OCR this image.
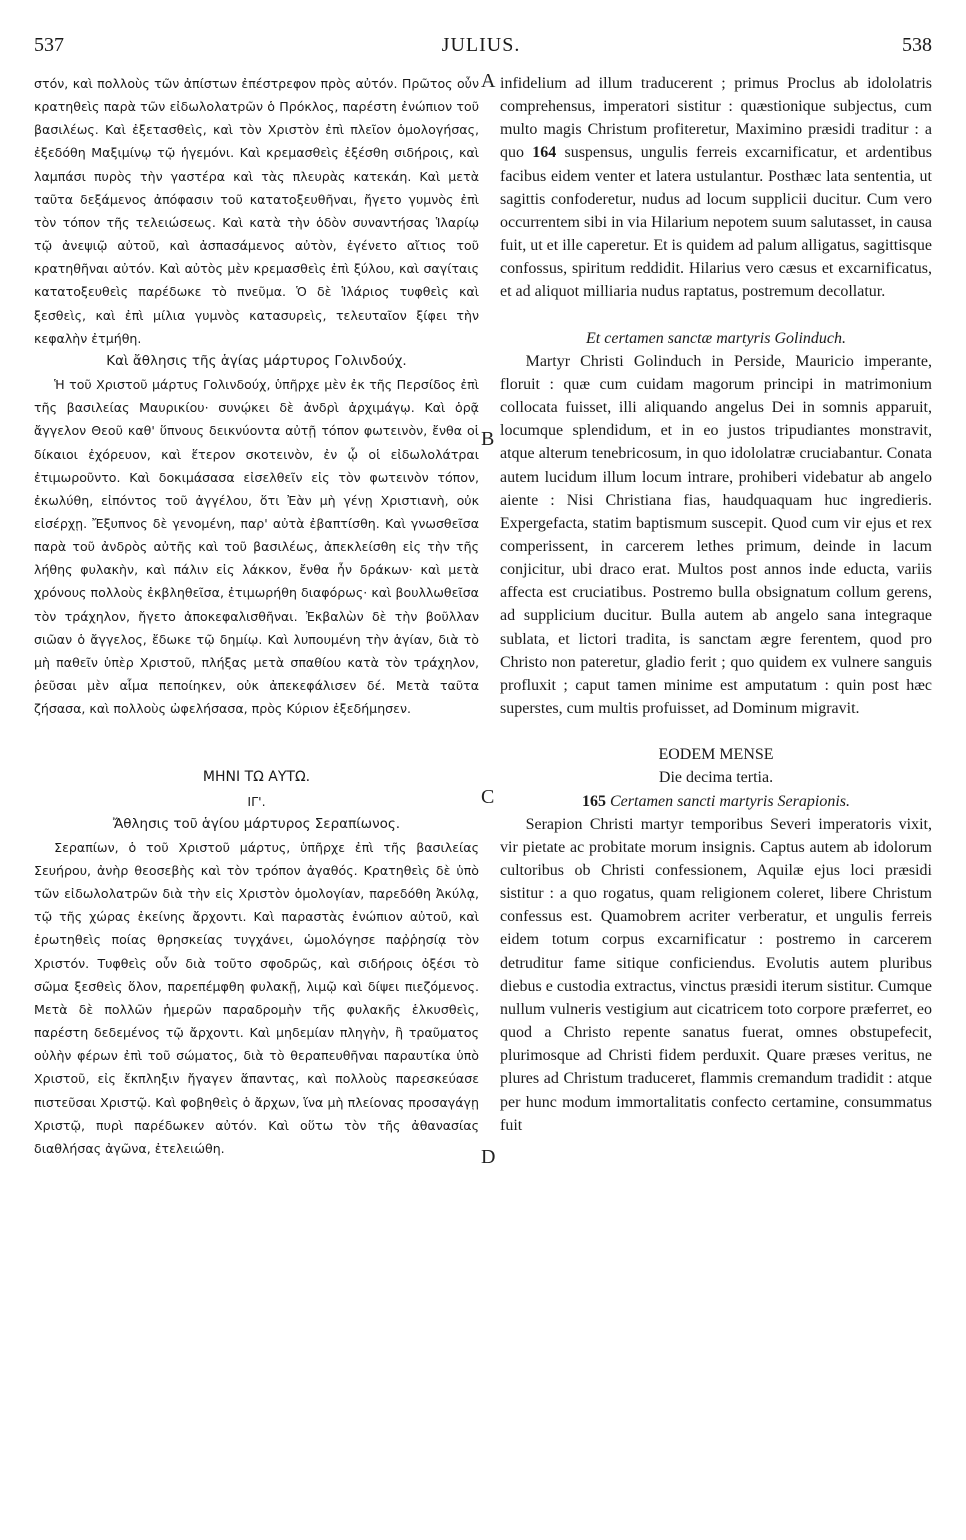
537	JULIUS.	538
A
B
C
D

στόν, καὶ πολλοὺς τῶν ἀπίστων ἐπέστρεφον πρὸς αὐτόν. Πρῶτος οὖν κρατηθεὶς παρὰ τῶν εἰδωλολατρῶν ὁ Πρόκλος, παρέστη ἐνώπιον τοῦ βασιλέως. Καὶ ἐξετασθεὶς, καὶ τὸν Χριστὸν ἐπὶ πλεῖον ὁμολογήσας, ἐξεδόθη Μαξιμίνῳ τῷ ἡγεμόνι. Καὶ κρεμασθεὶς ἐξέσθη σιδήροις, καὶ λαμπάσι πυρὸς τὴν γαστέρα καὶ τὰς πλευρὰς κατεκάη. Καὶ μετὰ ταῦτα δεξάμενος ἀπόφασιν τοῦ κατατοξευθῆναι, ἤγετο γυμνὸς ἐπὶ τὸν τόπον τῆς τελειώσεως. Καὶ κατὰ τὴν ὁδὸν συναντήσας Ἱλαρίῳ τῷ ἀνεψιῷ αὐτοῦ, καὶ ἀσπασάμενος αὐτὸν, ἐγένετο αἴτιος τοῦ κρατηθῆναι αὐτόν. Καὶ αὐτὸς μὲν κρεμασθεὶς ἐπὶ ξύλου, καὶ σαγίταις κατατοξευθεὶς παρέδωκε τὸ πνεῦμα. Ὁ δὲ Ἱλάριος τυφθεὶς καὶ ξεσθεὶς, καὶ ἐπὶ μίλια γυμνὸς κατασυρεὶς, τελευταῖον ξίφει τὴν κεφαλὴν ἐτμήθη.

Καὶ ἄθλησις τῆς ἁγίας μάρτυρος Γολινδούχ.

Ἡ τοῦ Χριστοῦ μάρτυς Γολινδούχ, ὑπῆρχε μὲν ἐκ τῆς Περσίδος ἐπὶ τῆς βασιλείας Μαυρικίου· συνῴκει δὲ ἀνδρὶ ἀρχιμάγῳ. Καὶ ὁρᾷ ἄγγελον Θεοῦ καθ' ὕπνους δεικνύοντα αὐτῇ τόπον φωτεινὸν, ἔνθα οἱ δίκαιοι ἐχόρευον, καὶ ἕτερον σκοτεινὸν, ἐν ᾧ οἱ εἰδωλολάτραι ἐτιμωροῦντο. Καὶ δοκιμάσασα εἰσελθεῖν εἰς τὸν φωτεινὸν τόπον, ἐκωλύθη, εἰπόντος τοῦ ἀγγέλου, ὅτι Ἐὰν μὴ γένῃ Χριστιανὴ, οὐκ εἰσέρχῃ. Ἔξυπνος δὲ γενομένη, παρ' αὐτὰ ἐβαπτίσθη. Καὶ γνωσθεῖσα παρὰ τοῦ ἀνδρὸς αὐτῆς καὶ τοῦ βασιλέως, ἀπεκλείσθη εἰς τὴν τῆς λήθης φυλακὴν, καὶ πάλιν εἰς λάκκον, ἔνθα ἦν δράκων· καὶ μετὰ χρόνους πολλοὺς ἐκβληθεῖσα, ἐτιμωρήθη διαφόρως· καὶ βουλλωθεῖσα τὸν τράχηλον, ἤγετο ἀποκεφαλισθῆναι. Ἐκβαλὼν δὲ τὴν βοῦλλαν σιῶαν ὁ ἄγγελος, ἔδωκε τῷ δημίῳ. Καὶ λυπουμένη τὴν ἁγίαν, διὰ τὸ μὴ παθεῖν ὑπὲρ Χριστοῦ, πλήξας μετὰ σπαθίου κατὰ τὸν τράχηλον, ῥεῦσαι μὲν αἷμα πεποίηκεν, οὐκ ἀπεκεφάλισεν δέ. Μετὰ ταῦτα ζήσασα, καὶ πολλοὺς ὠφελήσασα, πρὸς Κύριον ἐξεδήμησεν.

ΜΗΝΙ ΤΩ ΑΥΤΩ.

ΙΓ'.

Ἄθλησις τοῦ ἁγίου μάρτυρος Σεραπίωνος.

Σεραπίων, ὁ τοῦ Χριστοῦ μάρτυς, ὑπῆρχε ἐπὶ τῆς βασιλείας Σευήρου, ἀνὴρ θεοσεβὴς καὶ τὸν τρόπον ἀγαθός. Κρατηθεὶς δὲ ὑπὸ τῶν εἰδωλολατρῶν διὰ τὴν εἰς Χριστὸν ὁμολογίαν, παρεδόθη Ἀκύλᾳ, τῷ τῆς χώρας ἐκείνης ἄρχοντι. Καὶ παραστὰς ἐνώπιον αὐτοῦ, καὶ ἐρωτηθεὶς ποίας θρησκείας τυγχάνει, ὡμολόγησε παῤῥησίᾳ τὸν Χριστόν. Τυφθεὶς οὖν διὰ τοῦτο σφοδρῶς, καὶ σιδήροις ὀξέσι τὸ σῶμα ξεσθεὶς ὅλον, παρεπέμφθη φυλακῇ, λιμῷ καὶ δίψει πιεζόμενος. Μετὰ δὲ πολλῶν ἡμερῶν παραδρομὴν τῆς φυλακῆς ἑλκυσθεὶς, παρέστη δεδεμένος τῷ ἄρχοντι. Καὶ μηδεμίαν πληγὴν, ἢ τραῦματος οὐλὴν φέρων ἐπὶ τοῦ σώματος, διὰ τὸ θεραπευθῆναι παραυτίκα ὑπὸ Χριστοῦ, εἰς ἔκπληξιν ἤγαγεν ἅπαντας, καὶ πολλοὺς παρεσκεύασε πιστεῦσαι Χριστῷ. Καὶ φοβηθεὶς ὁ ἄρχων, ἵνα μὴ πλείονας προσαγάγῃ Χριστῷ, πυρὶ παρέδωκεν αὐτόν. Καὶ οὕτω τὸν τῆς ἀθανασίας διαθλήσας ἀγῶνα, ἐτελειώθη.

infidelium ad illum traducerent ; primus Proclus ab idololatris comprehensus, imperatori sistitur : quæstionique subjectus, cum multo magis Christum profiteretur, Maximino præsidi traditur : a quo 164 suspensus, ungulis ferreis excarnificatur, et ardentibus facibus eidem venter et latera ustulantur. Posthæc lata sententia, ut sagittis confoderetur, nudus ad locum supplicii ducitur. Cum vero occurrentem sibi in via Hilarium nepotem suum salutasset, in causa fuit, ut et ille caperetur. Et is quidem ad palum alligatus, sagittisque confossus, spiritum reddidit. Hilarius vero cæsus et excarnificatus, et ad aliquot milliaria nudus raptatus, postremum decollatur.

Et certamen sanctæ martyris Golinduch.

Martyr Christi Golinduch in Perside, Mauricio imperante, floruit : quæ cum cuidam magorum principi in matrimonium collocata fuisset, illi aliquando angelus Dei in somnis apparuit, locumque splendidum, et in eo justos tripudiantes monstravit, atque alterum tenebricosum, in quo idololatræ cruciabantur. Conata autem lucidum illum locum intrare, prohiberi videbatur ab angelo aiente : Nisi Christiana fias, haudquaquam huc ingredieris. Expergefacta, statim baptismum suscepit. Quod cum vir ejus et rex comperissent, in carcerem lethes primum, deinde in lacum conjicitur, ubi draco erat. Multos post annos inde educta, variis affecta est cruciatibus. Postremo bulla obsignatum collum gerens, ad supplicium ducitur. Bulla autem ab angelo sana integraque sublata, et lictori tradita, is sanctam ægre ferentem, quod pro Christo non pateretur, gladio ferit ; quo quidem ex vulnere sanguis profluxit ; caput tamen minime est amputatum : quin post hæc superstes, cum multis profuisset, ad Dominum migravit.

EODEM MENSE

Die decima tertia.

165 Certamen sancti martyris Serapionis.

Serapion Christi martyr temporibus Severi imperatoris vixit, vir pietate ac probitate morum insignis. Captus autem ab idolorum cultoribus ob Christi confessionem, Aquilæ ejus loci præsidi sistitur : a quo rogatus, quam religionem coleret, libere Christum confessus est. Quamobrem acriter verberatur, et ungulis ferreis eidem totum corpus excarnificatur : postremo in carcerem detruditur fame sitique conficiendus. Evolutis autem pluribus diebus e custodia extractus, vinctus præsidi iterum sistitur. Cumque nullum vulneris vestigium aut cicatricem toto corpore præferret, eo quod a Christo repente sanatus fuerat, omnes obstupefecit, plurimosque ad Christi fidem perduxit. Quare præses veritus, ne plures ad Christum traduceret, flammis cremandum tradidit : atque per hunc modum immortalitatis confecto certamine, consummatus fuit
